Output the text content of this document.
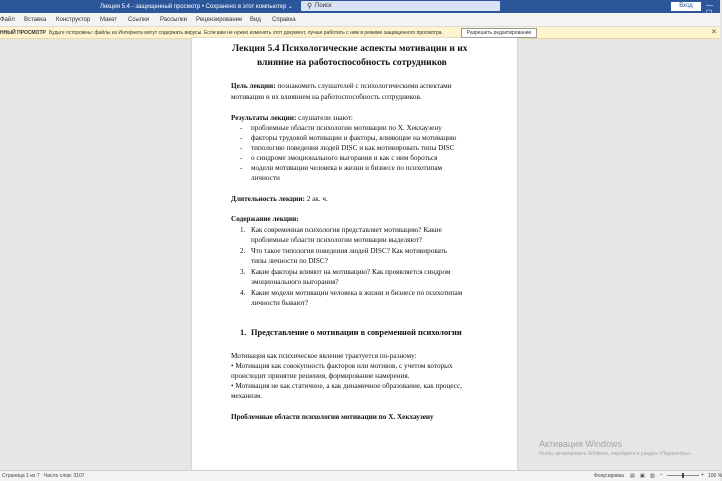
Лекция 5.4 - защищенный просмотр • Сохранено в этот компьютер ⌄ ⚲ Поиск	Вход	—
Файл Вставка Конструктор Макет Ссылки Рассылки Рецензирование Вид Справка
ННЫЙ ПРОСМОТР Будьте осторожны: файлы из Интернета могут содержать вирусы. Если вам не нужно изменять этот документ, лучше работать с ним в режиме защищенного просмотра.	Разрешить редактирование	✕
Лекция 5.4 Психологические аспекты мотивации и их
влияние на работоспособность сотрудников
Цель лекции: познакомить слушателей с психологическими аспектами
мотивации и их влиянием на работоспособность сотрудников.
Результаты лекции: слушатели знают:
- проблемные области психологии мотивации по Х. Хекхаузену
- факторы трудовой мотивации и факторы, влияющие на мотивацию
- типологию поведения людей DISC и как мотивировать типы DISC
- о синдроме эмоционального выгорания и как с ним бороться
- модели мотивации человека в жизни и бизнесе по психотипам
личности
Длительность лекции: 2 ак. ч.
Содержание лекции:
1. Как современная психология представляет мотивацию? Какие
проблемные области психологии мотивации выделяют?
2. Что такое типология поведения людей DISC? Как мотивировать
типы личности по DISC?
3. Какие факторы влияют на мотивацию? Как проявляется синдром
эмоционального выгорания?
4. Какие модели мотивации человека в жизни и бизнесе по психотипам
личности бывают?
1. Представление о мотивации в современной психологии
Мотивация как психическое явление трактуется по-разному:
• Мотивация как совокупность факторов или мотивов, с учетом которых
происходит принятие решения, формирование намерения.
• Мотивация не как статичное, а как динамичное образование, как процесс,
механизм.
Проблемные области психологии мотивации по Х. Хекхаузену
Активация Windows
Чтобы активировать Windows, перейдите в раздел «Параметры».
Страница 1 из 7 Число слов: 3107	Фокусировка ▤ ▣ ▥ −	+ 100 %
